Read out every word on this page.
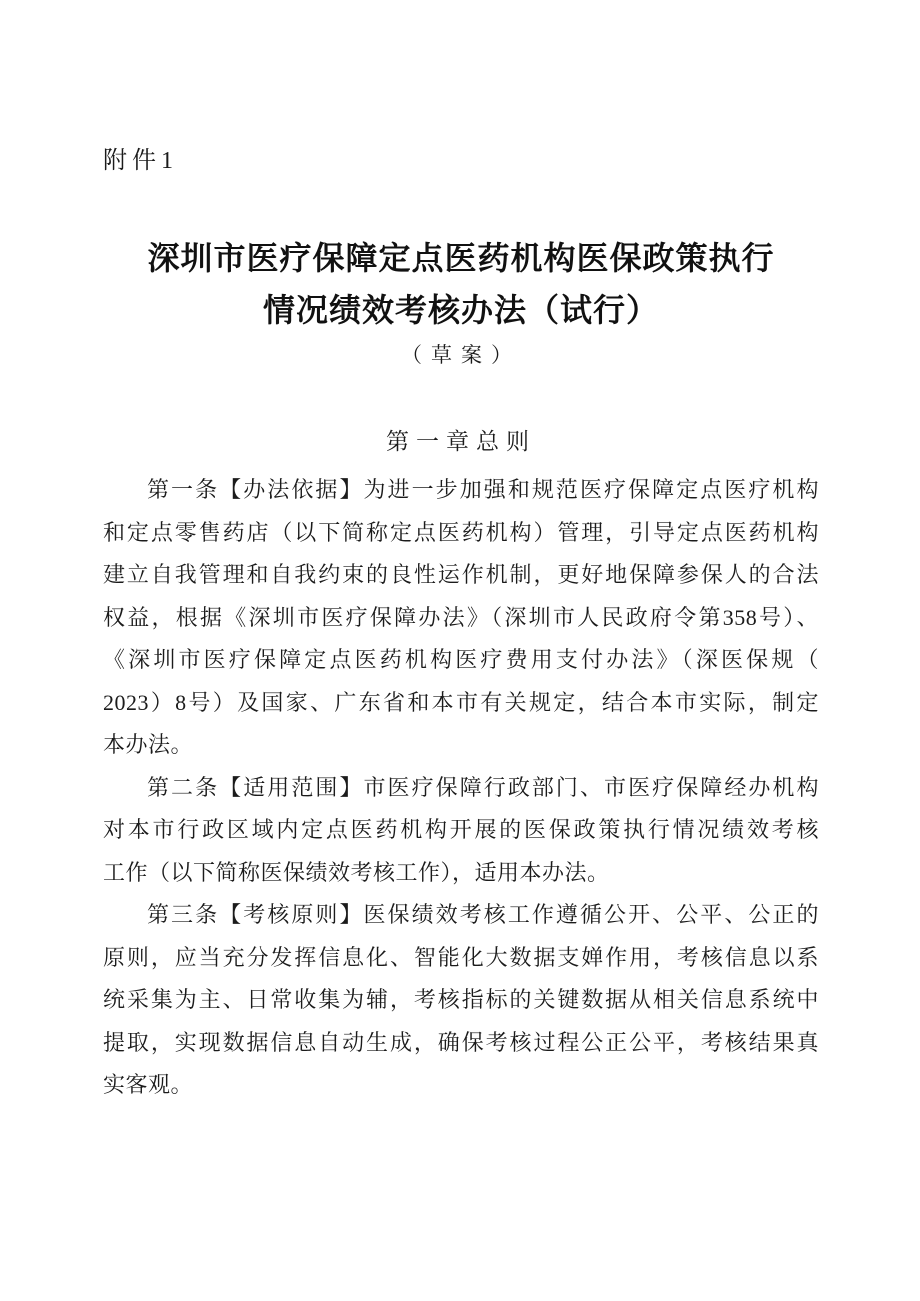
附件1
深圳市医疗保障定点医药机构医保政策执行
情况绩效考核办法（试行）
（草案）
第一章总则

第一条【办法依据】为进一步加强和规范医疗保障定点医疗机构
和定点零售药店（以下简称定点医药机构）管理，引导定点医药机构
建立自我管理和自我约束的良性运作机制，更好地保障参保人的合法
权益，根据《深圳市医疗保障办法》（深圳市人民政府令第358号）、
《深圳市医疗保障定点医药机构医疗费用支付办法》（深医保规（
2023）8号）及国家、广东省和本市有关规定，结合本市实际，制定
本办法。

第二条【适用范围】市医疗保障行政部门、市医疗保障经办机构
对本市行政区域内定点医药机构开展的医保政策执行情况绩效考核
工作（以下简称医保绩效考核工作），适用本办法。

第三条【考核原则】医保绩效考核工作遵循公开、公平、公正的
原则，应当充分发挥信息化、智能化大数据支婵作用，考核信息以系
统采集为主、日常收集为辅，考核指标的关键数据从相关信息系统中
提取，实现数据信息自动生成，确保考核过程公正公平，考核结果真
实客观。
